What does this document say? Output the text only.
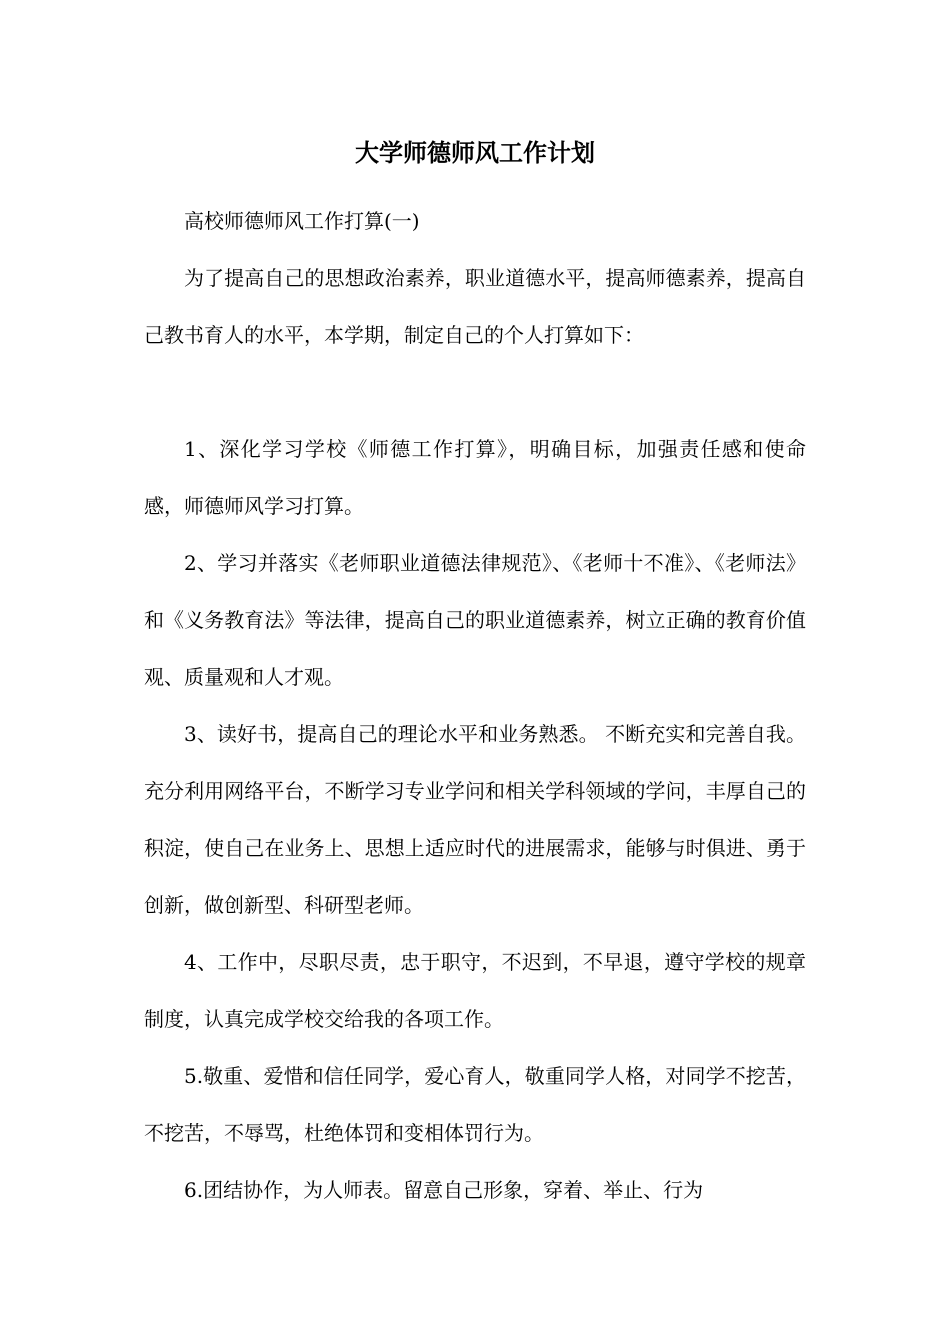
大学师德师风工作计划

高校师德师风工作打算(一)

为了提高自己的思想政治素养，职业道德水平，提高师德素养，提高自己教书育人的水平，本学期，制定自己的个人打算如下：

1、深化学习学校《师德工作打算》，明确目标，加强责任感和使命感，师德师风学习打算。

2、学习并落实《老师职业道德法律规范》、《老师十不准》、《老师法》和《义务教育法》等法律，提高自己的职业道德素养，树立正确的教育价值观、质量观和人才观。

3、读好书，提高自己的理论水平和业务熟悉。 不断充实和完善自我。充分利用网络平台，不断学习专业学问和相关学科领域的学问，丰厚自己的积淀，使自己在业务上、思想上适应时代的进展需求，能够与时俱进、勇于创新，做创新型、科研型老师。

4、工作中，尽职尽责，忠于职守，不迟到，不早退，遵守学校的规章制度，认真完成学校交给我的各项工作。

5.敬重、爱惜和信任同学，爱心育人，敬重同学人格，对同学不挖苦，不挖苦，不辱骂，杜绝体罚和变相体罚行为。

6.团结协作，为人师表。留意自己形象，穿着、举止、行为
